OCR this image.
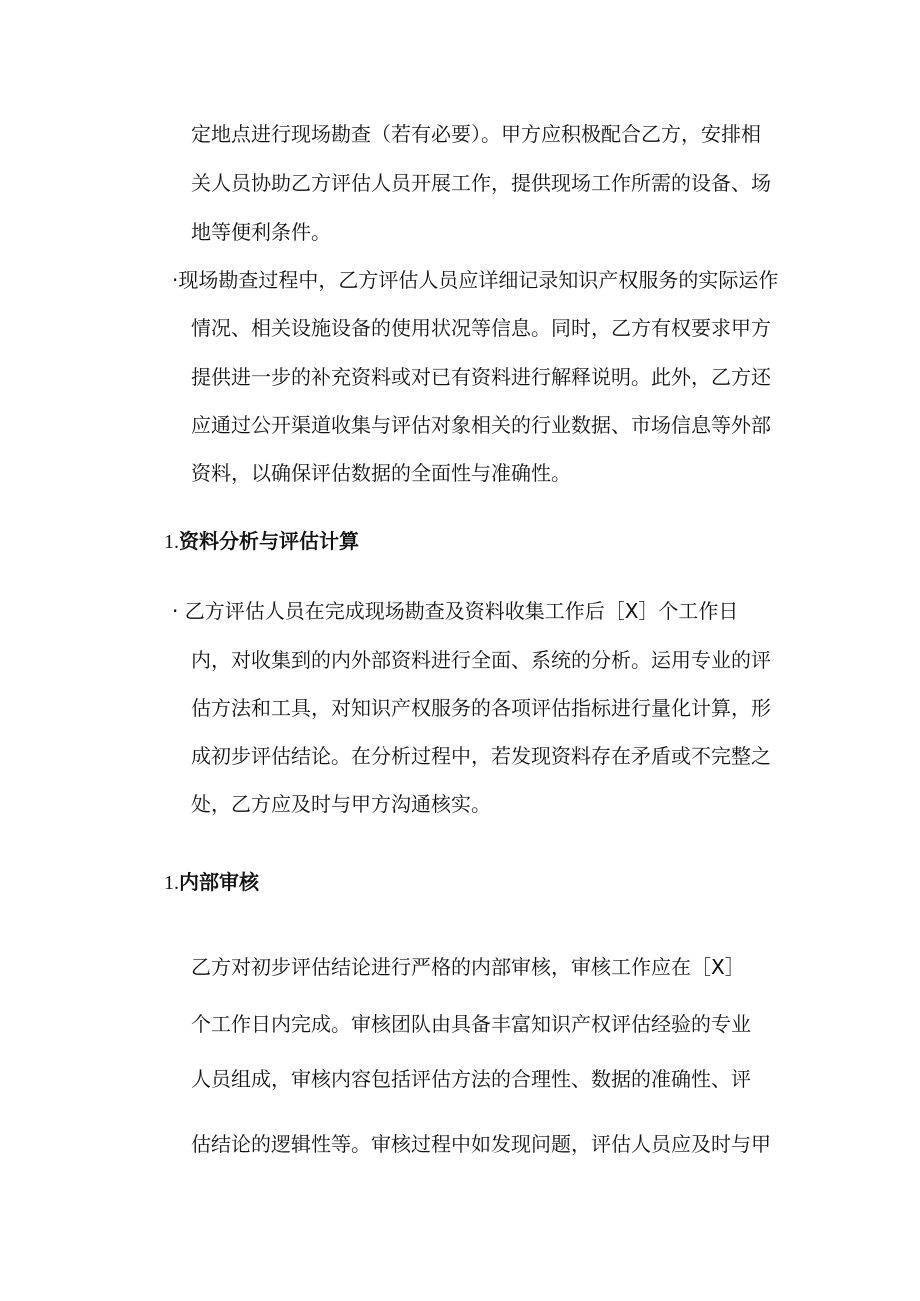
定地点进行现场勘查（若有必要）。甲方应积极配合乙方，安排相
关人员协助乙方评估人员开展工作，提供现场工作所需的设备、场
地等便利条件。
·现场勘查过程中，乙方评估人员应详细记录知识产权服务的实际运作
情况、相关设施设备的使用状况等信息。同时，乙方有权要求甲方
提供进一步的补充资料或对已有资料进行解释说明。此外，乙方还
应通过公开渠道收集与评估对象相关的行业数据、市场信息等外部
资料，以确保评估数据的全面性与准确性。
1.资料分析与评估计算
· 乙方评估人员在完成现场勘查及资料收集工作后［X］个工作日
内，对收集到的内外部资料进行全面、系统的分析。运用专业的评
估方法和工具，对知识产权服务的各项评估指标进行量化计算，形
成初步评估结论。在分析过程中，若发现资料存在矛盾或不完整之
处，乙方应及时与甲方沟通核实。
1.内部审核
乙方对初步评估结论进行严格的内部审核，审核工作应在［X］
个工作日内完成。审核团队由具备丰富知识产权评估经验的专业
人员组成，审核内容包括评估方法的合理性、数据的准确性、评
估结论的逻辑性等。审核过程中如发现问题，评估人员应及时与甲
